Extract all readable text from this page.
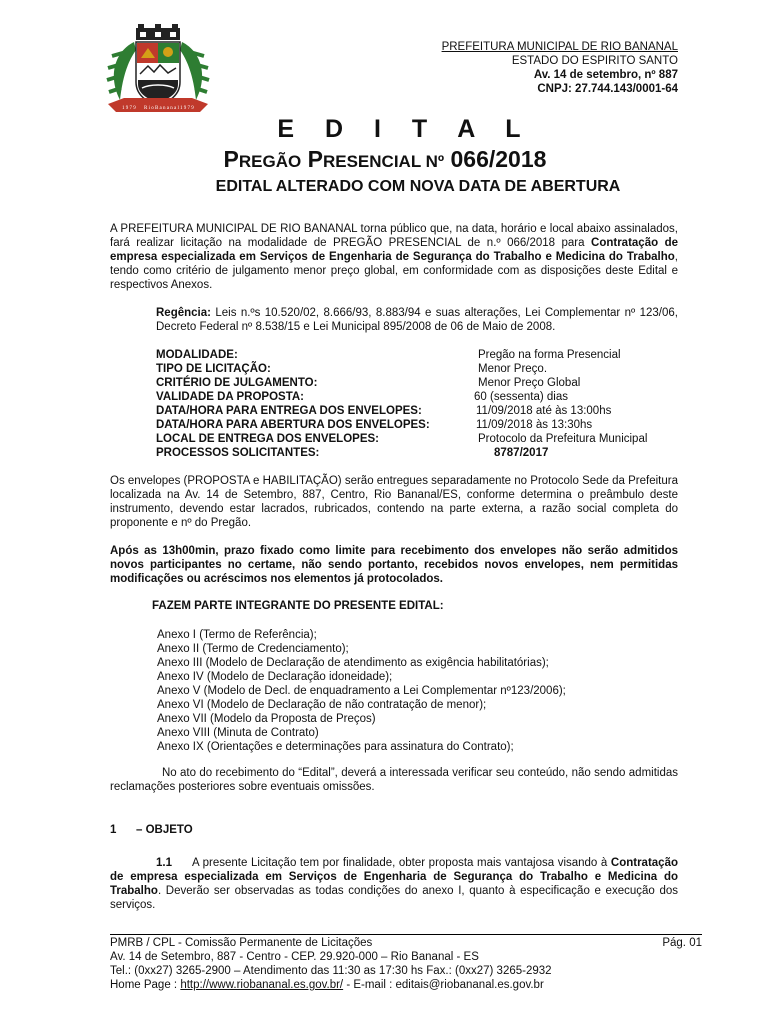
1 9 7 9 R i o B a n a n a l 1 9 7 9
PREFEITURA MUNICIPAL DE RIO BANANAL
ESTADO DO ESPIRITO SANTO
Av. 14 de setembro, nº 887
CNPJ: 27.744.143/0001-64
E D I T A L
PREGÃO PRESENCIAL Nº 066/2018
EDITAL ALTERADO COM NOVA DATA DE ABERTURA
A PREFEITURA MUNICIPAL DE RIO BANANAL torna público que, na data, horário e local abaixo assinalados, fará realizar licitação na modalidade de PREGÃO PRESENCIAL de n.º 066/2018 para Contratação de empresa especializada em Serviços de Engenharia de Segurança do Trabalho e Medicina do Trabalho, tendo como critério de julgamento menor preço global, em conformidade com as disposições deste Edital e respectivos Anexos.
Regência: Leis n.ºs 10.520/02, 8.666/93, 8.883/94 e suas alterações, Lei Complementar nº 123/06, Decreto Federal nº 8.538/15 e Lei Municipal 895/2008 de 06 de Maio de 2008.
MODALIDADE:	Pregão na forma Presencial
TIPO DE LICITAÇÃO:	Menor Preço.
CRITÉRIO DE JULGAMENTO:	Menor Preço Global
VALIDADE DA PROPOSTA:	60 (sessenta) dias
DATA/HORA PARA ENTREGA DOS ENVELOPES:	11/09/2018 até às 13:00hs
DATA/HORA PARA ABERTURA DOS ENVELOPES:	11/09/2018 às 13:30hs
LOCAL DE ENTREGA DOS ENVELOPES:	Protocolo da Prefeitura Municipal
PROCESSOS SOLICITANTES:	8787/2017
Os envelopes (PROPOSTA e HABILITAÇÃO) serão entregues separadamente no Protocolo Sede da Prefeitura localizada na Av. 14 de Setembro, 887, Centro, Rio Bananal/ES, conforme determina o preâmbulo deste instrumento, devendo estar lacrados, rubricados, contendo na parte externa, a razão social completa do proponente e nº do Pregão.
Após as 13h00min, prazo fixado como limite para recebimento dos envelopes não serão admitidos novos participantes no certame, não sendo portanto, recebidos novos envelopes, nem permitidas modificações ou acréscimos nos elementos já protocolados.
FAZEM PARTE INTEGRANTE DO PRESENTE EDITAL:
Anexo I (Termo de Referência);
Anexo II (Termo de Credenciamento);
Anexo III (Modelo de Declaração de atendimento as exigência habilitatórias);
Anexo IV (Modelo de Declaração idoneidade);
Anexo V (Modelo de Decl. de enquadramento a Lei Complementar nº123/2006);
Anexo VI (Modelo de Declaração de não contratação de menor);
Anexo VII (Modelo da Proposta de Preços)
Anexo VIII (Minuta de Contrato)
Anexo IX (Orientações e determinações para assinatura do Contrato);
No ato do recebimento do “Edital”, deverá a interessada verificar seu conteúdo, não sendo admitidas reclamações posteriores sobre eventuais omissões.
1 – OBJETO
1.1 A presente Licitação tem por finalidade, obter proposta mais vantajosa visando à Contratação de empresa especializada em Serviços de Engenharia de Segurança do Trabalho e Medicina do Trabalho. Deverão ser observadas as todas condições do anexo I, quanto à especificação e execução dos serviços.
PMRB / CPL - Comissão Permanente de Licitações	Pág. 01
Av. 14 de Setembro, 887 - Centro - CEP. 29.920-000 – Rio Bananal - ES
Tel.: (0xx27) 3265-2900 – Atendimento das 11:30 as 17:30 hs Fax.: (0xx27) 3265-2932
Home Page : http://www.riobananal.es.gov.br/ - E-mail : editais@riobananal.es.gov.br
